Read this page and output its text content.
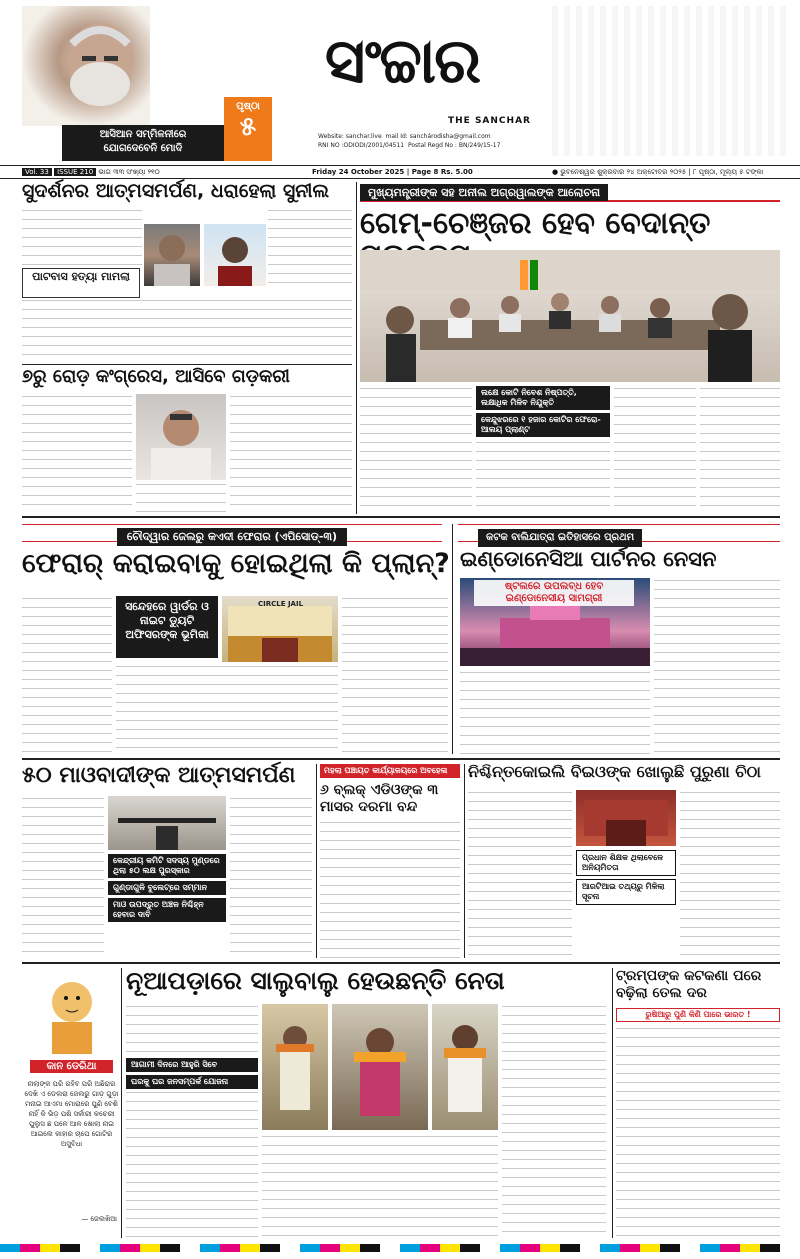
ଆସିଆନ ସମ୍ମିଳନୀରେ
ଯୋଗଦେବେନି ମୋଦି
ପୃଷ୍ଠା
୫
ସଂଚ୍ଚାର
THE SANCHAR
Website: sanchar.live mail Id: sanchárodisha@gmail.com
RNI NO :ODIODI/2001/04511 Postal Regd No : BN/249/15-17
Vol. 33 ISSUE 210 ଭାଗ ୩୩ ସଂଖ୍ୟା ୨୧୦	Friday 24 October 2025 | Page 8 Rs. 5.00	● ଭୁବନେଶ୍ୱର ଶୁକ୍ରବାର ୨୪ ଅକ୍ଟୋବର ୨୦୨୫ | ୮ ପୃଷ୍ଠା, ମୂଲ୍ୟ ୫ ଟଙ୍କା
ସୁଦର୍ଶନର ଆତ୍ମସମର୍ପଣ, ଧରାହେଲା ସୁନୀଲ
ପାଟବାସ ହତ୍ୟା ମାମଲା
୭ରୁ ରୋଡ଼ କଂଗ୍ରେସ, ଆସିବେ ଗଡ଼କରୀ
ମୁଖ୍ୟମନ୍ତ୍ରୀଙ୍କ ସହ ଅନୀଲ ଅଗ୍ରୱାଲଙ୍କ ଆଲୋଚନା
ଗେମ୍-ଚେଞ୍ଜର ହେବ ବେଦାନ୍ତ
ଲକ୍ଷେ କୋଟି ନିବେଶ ନିଷ୍ପତ୍ତି, ଲକ୍ଷାଧିକ ମିଳିବ ନିଯୁକ୍ତି
କେନ୍ଦୁଝରରେ ୧ ହଜାର କୋଟିର ଫେରୋ-ଆଲୟ ପ୍ଲାଣ୍ଟ
ଚୌଦ୍ୱାର ଜେଲରୁ କଏଦୀ ଫେରାର (ଏପିସୋଡ୍-୩)
ଫେରାର୍ କରାଇବାକୁ ହୋଇଥିଲା କି ପ୍ଲାନ୍?
ସନ୍ଦେହରେ ୱାର୍ଡର ଓ ନାଇଟ ଡ୍ୟୁଟି ଅଫିସରଙ୍କ ଭୂମିକା
CIRCLE JAIL
କଟକ ବାଲିଯାତ୍ରା ଇତିହାସରେ ପ୍ରଥମ
ଇଣ୍ଡୋନେସିଆ ପାର୍ଟନର ନେସନ
ଷ୍ଟଲରେ ଉପଲବ୍ଧ ହେବ ଇଣ୍ଡୋନେସୀୟ ସାମଗ୍ରୀ
୫୦ ମାଓବାଦୀଙ୍କ ଆତ୍ମସମର୍ପଣ
କେନ୍ଦ୍ରୀୟ କମିଟି ସଦସ୍ୟ ମୁଣ୍ଡରେ ଥିଲା ୫୦ ଲକ୍ଷ ପୁରସ୍କାର
ଗୁଣ୍ଡାଗୁଳି ବୁଲେଟ୍ରେ ସମ୍ମାନ
ମାଓ ଉପଦ୍ରୁତ ଅଞ୍ଚଳ ନିଶ୍ଚିହ୍ନ ହେବାର ଦାବି
ମହଲା ପଞ୍ଚାୟତ କାର୍ଯ୍ୟାଳୟରେ ଅବହେଳା
୬ ବ୍ଲକ୍ ଏଡିଓଙ୍କ ୩ ମାସର ଦରମା ବନ୍ଦ
ନିଶ୍ଚିନ୍ତକୋଇଲି ବିଇଓଙ୍କ ଖୋଲୁଛି ପୁରୁଣା ଚିଠା
ପ୍ରଧାନ ଶିକ୍ଷକ ଥିଲାବେଳେ ଅନିୟମିତତା
ଆରଟିଆଇ ତଥ୍ୟରୁ ମିଳିଲା ସୂଚନା
କାନ ଡେରିଥା
ନାଲାଙ୍କ ପରି ରହିବ ପରି ଅଛିରାର ଦେଖି ଏ ଡେଲରା ଜେଲରୁ ଗାଡ଼ ଗୁଡ଼ା ମନାଇ ଆଏମା ମୋରାରେ ପୁଣି ବେଶି ନାହିଁ କି ଭିଡ଼ ପଶି ସର୍କାରୀ କଚେରୀ ପୁଲୁସ ଛ ପଳେ ଆଳ ଖୋଲା ନାଇ ଆଇଲେ କାହାର ଚାପେ ଗୋଟିର ଅସୁବିଧା
— ଜେଲଖିଆ
ନୂଆପଡ଼ାରେ ସାଲୁବାଲୁ ହେଉଛନ୍ତି ନେତା
ଆଗାମୀ ଦିନରେ ଆହୁରି ସିବେ
ଘରକୁ ଘର ଜନସମ୍ପର୍କ ଯୋଜନା
ଟ୍ରମ୍ପଙ୍କ କଟକଣା ପରେ ବଢ଼ିଲା ତେଲ ଦର
ରୁଷିଆରୁ ପୁଣି କିଣି ପାରେ ଭାରତ !
